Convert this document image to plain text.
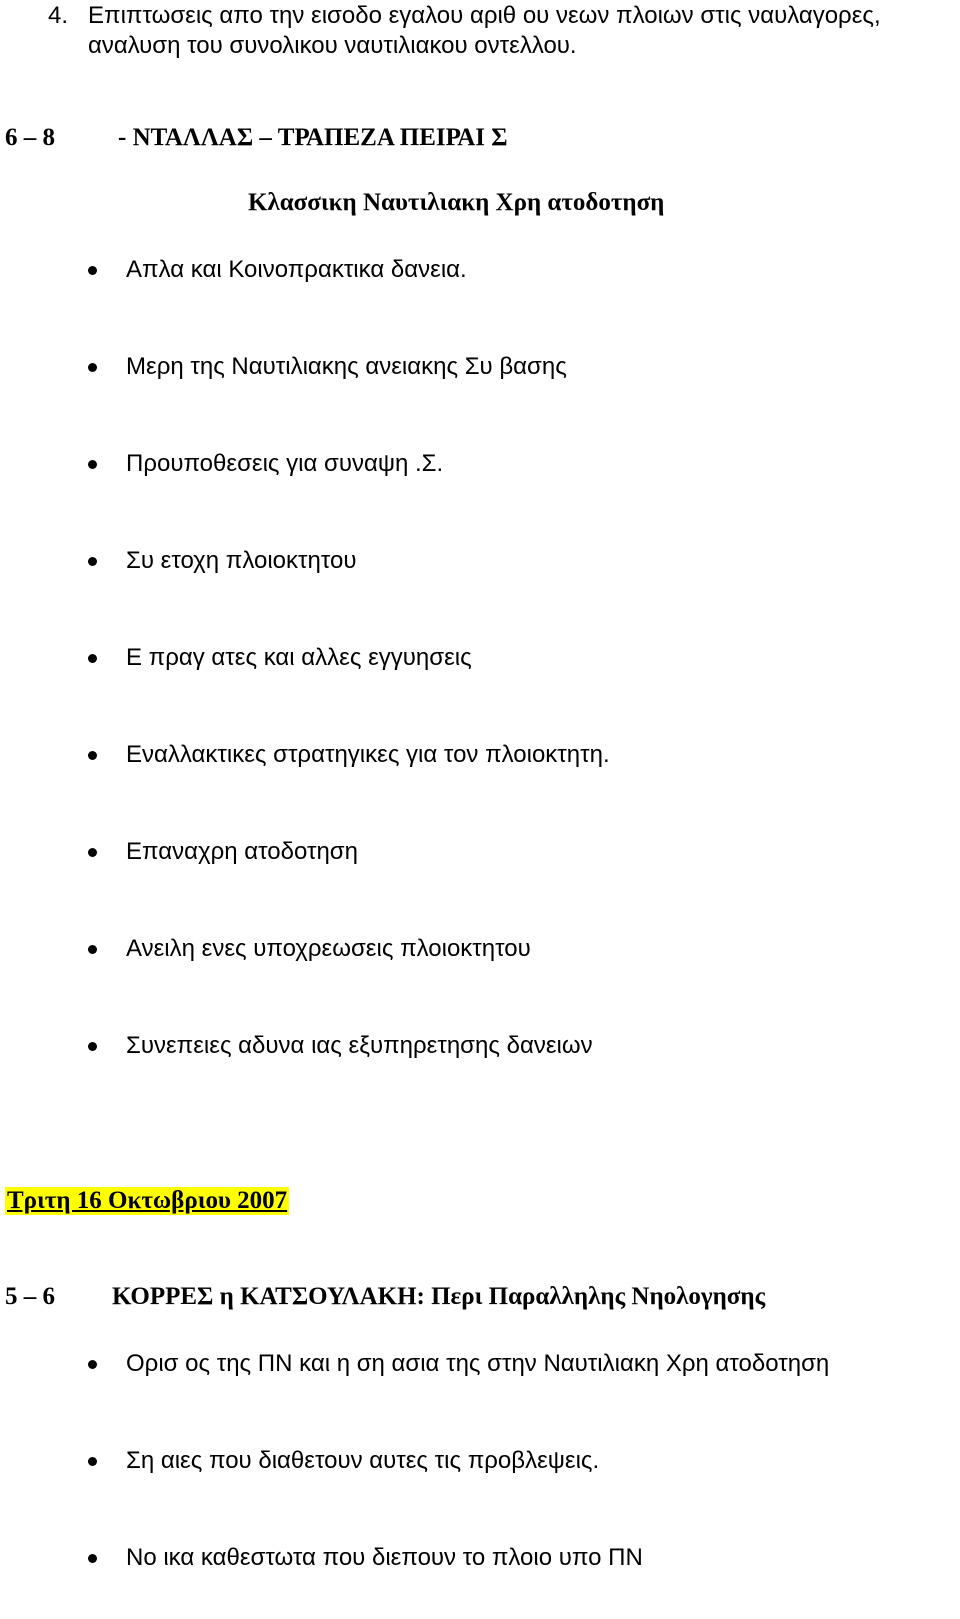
4. Επιπτωσεις απο την εισοδο εγαλου αριθ ου νεων πλοιων στις ναυλαγορες,
αναλυση του συνολικου ναυτιλιακου οντελλου.
6 – 8	- ΝΤΑΛΛΑΣ – ΤΡΑΠΕΖΑ ΠΕΙΡΑΙ Σ
Κλασσικη Ναυτιλιακη Χρη ατοδοτηση
Απλα και Κοινοπρακτικα δανεια.
Μερη της Ναυτιλιακης ανειακης Συ βασης
Προυποθεσεις για συναψη .Σ.
Συ ετοχη πλοιοκτητου
Ε πραγ ατες και αλλες εγγυησεις
Εναλλακτικες στρατηγικες για τον πλοιοκτητη.
Επαναχρη ατοδοτηση
Ανειλη ενες υποχρεωσεις πλοιοκτητου
Συνεπειες αδυνα ιας εξυπηρετησης δανειων
Τριτη 16 Οκτωβριου 2007
5 – 6 ΚΟΡΡΕΣ η ΚΑΤΣΟΥΛΑΚΗ: Περι Παραλληλης Νηολογησης
Ορισ ος της ΠΝ και η ση ασια της στην Ναυτιλιακη Χρη ατοδοτηση
Ση αιες που διαθετουν αυτες τις προβλεψεις.
Νο ικα καθεστωτα που διεπουν το πλοιο υπο ΠΝ
